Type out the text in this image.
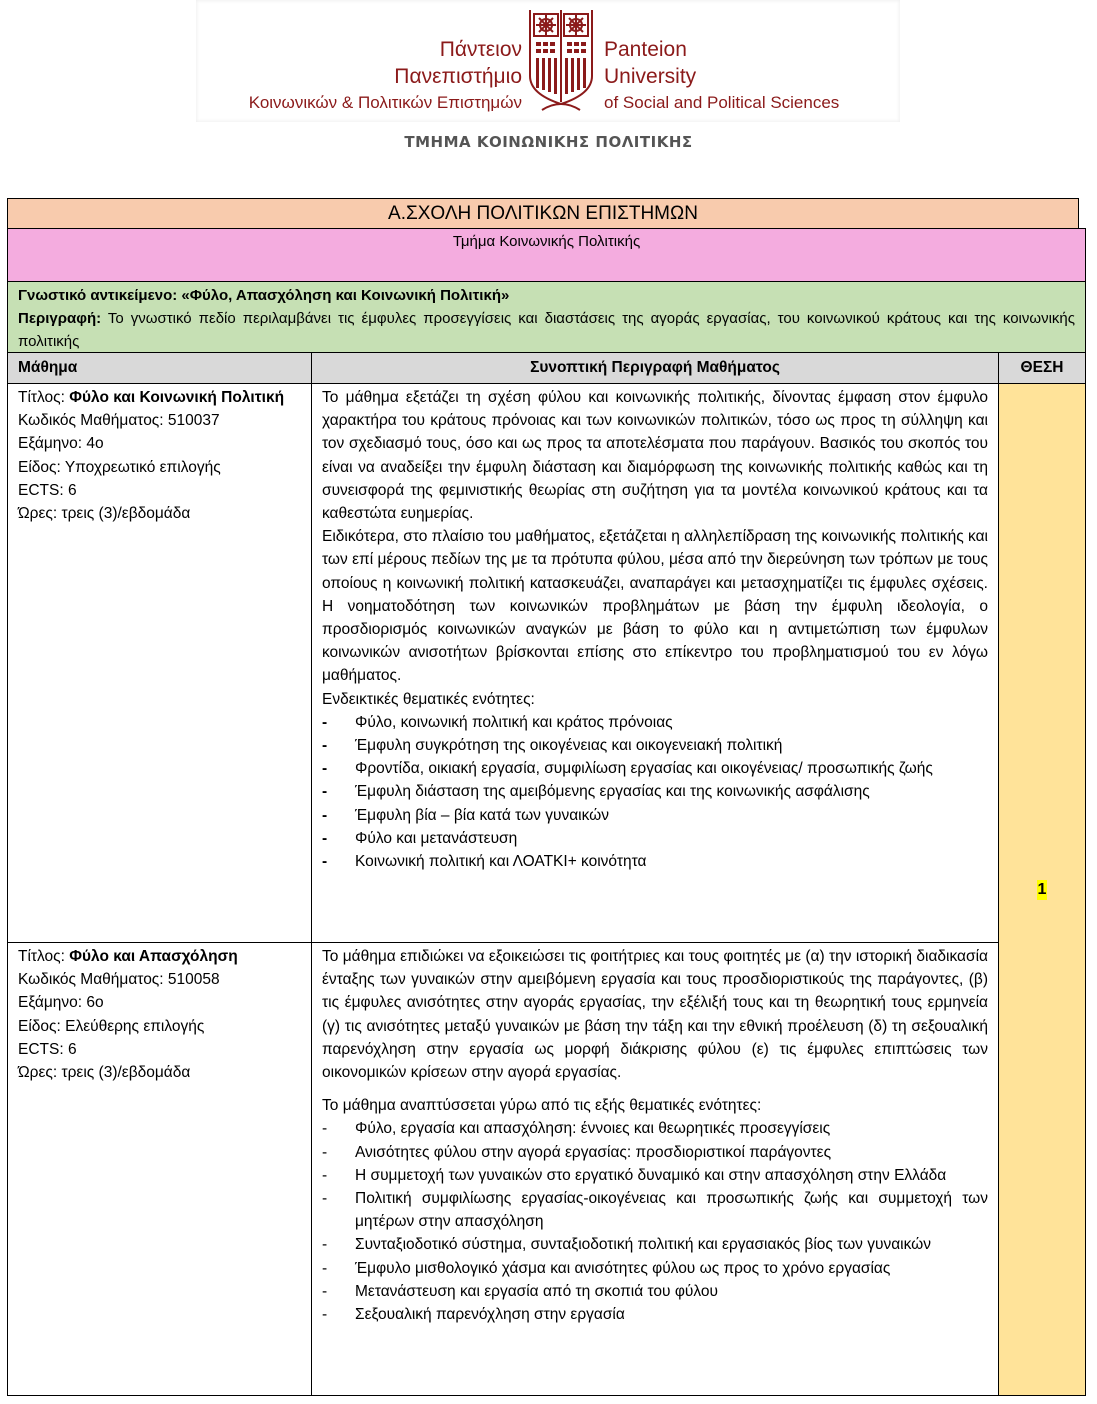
Πάντειον
Πανεπιστήμιο
Κοινωνικών & Πολιτικών Επιστημών
Panteion
University
of Social and Political Sciences
ΤΜΗΜΑ ΚΟΙΝΩΝΙΚΗΣ ΠΟΛΙΤΙΚΗΣ
Α.ΣΧΟΛΗ ΠΟΛΙΤΙΚΩΝ ΕΠΙΣΤΗΜΩΝ
Τμήμα Κοινωνικής Πολιτικής
Γνωστικό αντικείμενο: «Φύλο, Απασχόληση και Κοινωνική Πολιτική»
Περιγραφή: Το γνωστικό πεδίο περιλαμβάνει τις έμφυλες προσεγγίσεις και διαστάσεις της αγοράς εργασίας, του κοινωνικού κράτους και της κοινωνικής πολιτικής
Μάθημα	Συνοπτική Περιγραφή Μαθήματος	ΘΕΣΗ
Τίτλος: Φύλο και Κοινωνική Πολιτική
Κωδικός Μαθήματος: 510037
Εξάμηνο: 4ο
Είδος: Υποχρεωτικό επιλογής
ECTS: 6
Ώρες: τρεις (3)/εβδομάδα
Το μάθημα εξετάζει τη σχέση φύλου και κοινωνικής πολιτικής, δίνοντας έμφαση στον έμφυλο χαρακτήρα του κράτους πρόνοιας και των κοινωνικών πολιτικών, τόσο ως προς τη σύλληψη και τον σχεδιασμό τους, όσο και ως προς τα αποτελέσματα που παράγουν. Βασικός του σκοπός του είναι να αναδείξει την έμφυλη διάσταση και διαμόρφωση της κοινωνικής πολιτικής καθώς και τη συνεισφορά της φεμινιστικής θεωρίας στη συζήτηση για τα μοντέλα κοινωνικού κράτους και τα καθεστώτα ευημερίας.
Ειδικότερα, στο πλαίσιο του μαθήματος, εξετάζεται η αλληλεπίδραση της κοινωνικής πολιτικής και των επί μέρους πεδίων της με τα πρότυπα φύλου, μέσα από την διερεύνηση των τρόπων με τους οποίους η κοινωνική πολιτική κατασκευάζει, αναπαράγει και μετασχηματίζει τις έμφυλες σχέσεις. Η νοηματοδότηση των κοινωνικών προβλημάτων με βάση την έμφυλη ιδεολογία, ο προσδιορισμός κοινωνικών αναγκών με βάση το φύλο και η αντιμετώπιση των έμφυλων κοινωνικών ανισοτήτων βρίσκονται επίσης στο επίκεντρο του προβληματισμού του εν λόγω μαθήματος.
Ενδεικτικές θεματικές ενότητες:
- Φύλο, κοινωνική πολιτική και κράτος πρόνοιας
- Έμφυλη συγκρότηση της οικογένειας και οικογενειακή πολιτική
- Φροντίδα, οικιακή εργασία, συμφιλίωση εργασίας και οικογένειας/ προσωπικής ζωής
- Έμφυλη διάσταση της αμειβόμενης εργασίας και της κοινωνικής ασφάλισης
- Έμφυλη βία – βία κατά των γυναικών
- Φύλο και μετανάστευση
- Κοινωνική πολιτική και ΛΟΑΤΚΙ+ κοινότητα
Τίτλος: Φύλο και Απασχόληση
Κωδικός Μαθήματος: 510058
Εξάμηνο: 6ο
Είδος: Ελεύθερης επιλογής
ECTS: 6
Ώρες: τρεις (3)/εβδομάδα
Το μάθημα επιδιώκει να εξοικειώσει τις φοιτήτριες και τους φοιτητές με (α) την ιστορική διαδικασία ένταξης των γυναικών στην αμειβόμενη εργασία και τους προσδιοριστικούς της παράγοντες, (β) τις έμφυλες ανισότητες στην αγοράς εργασίας, την εξέλιξή τους και τη θεωρητική τους ερμηνεία (γ) τις ανισότητες μεταξύ γυναικών με βάση την τάξη και την εθνική προέλευση (δ) τη σεξουαλική παρενόχληση στην εργασία ως μορφή διάκρισης φύλου (ε) τις έμφυλες επιπτώσεις των οικονομικών κρίσεων στην αγορά εργασίας.
Το μάθημα αναπτύσσεται γύρω από τις εξής θεματικές ενότητες:
- Φύλο, εργασία και απασχόληση: έννοιες και θεωρητικές προσεγγίσεις
- Ανισότητες φύλου στην αγορά εργασίας: προσδιοριστικοί παράγοντες
- Η συμμετοχή των γυναικών στο εργατικό δυναμικό και στην απασχόληση στην Ελλάδα
- Πολιτική συμφιλίωσης εργασίας-οικογένειας και προσωπικής ζωής και συμμετοχή των μητέρων στην απασχόληση
- Συνταξιοδοτικό σύστημα, συνταξιοδοτική πολιτική και εργασιακός βίος των γυναικών
- Έμφυλο μισθολογικό χάσμα και ανισότητες φύλου ως προς το χρόνο εργασίας
- Μετανάστευση και εργασία από τη σκοπιά του φύλου
- Σεξουαλική παρενόχληση στην εργασία
1
